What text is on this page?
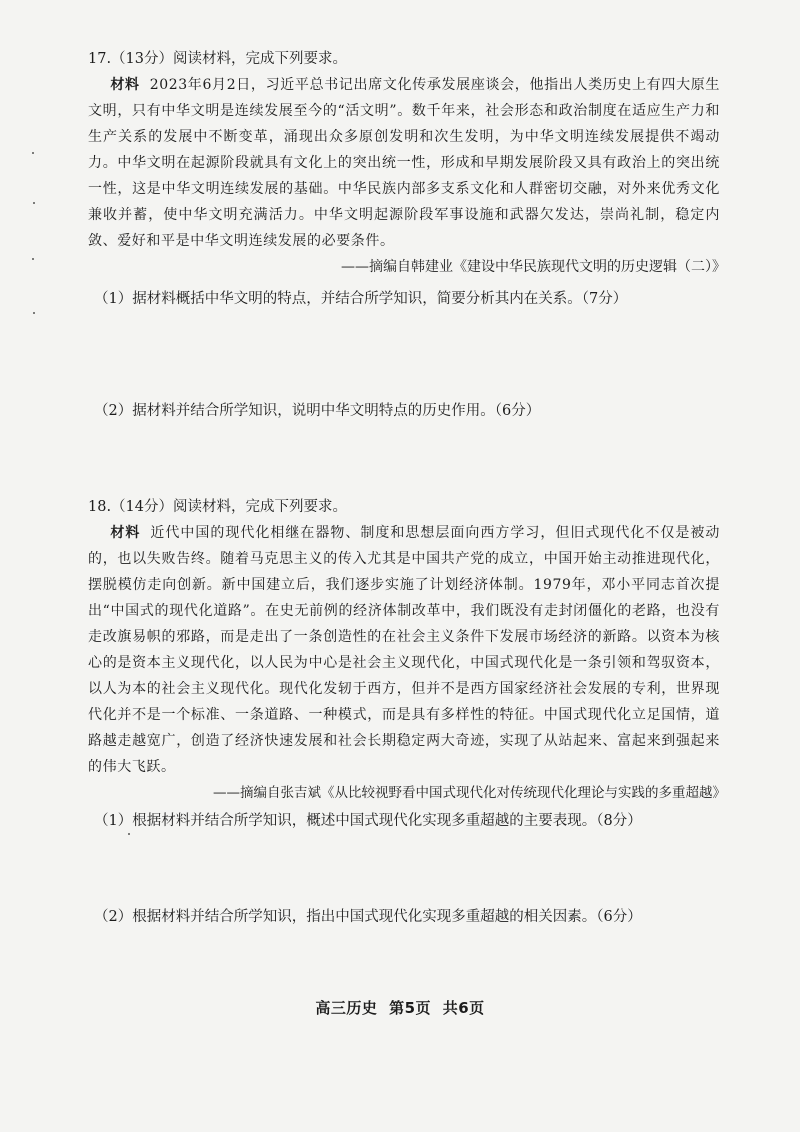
17.（13分）阅读材料，完成下列要求。

材料 2023年6月2日，习近平总书记出席文化传承发展座谈会，他指出人类历史上有四大原生文明，只有中华文明是连续发展至今的“活文明”。数千年来，社会形态和政治制度在适应生产力和生产关系的发展中不断变革，涌现出众多原创发明和次生发明，为中华文明连续发展提供不竭动力。中华文明在起源阶段就具有文化上的突出统一性，形成和早期发展阶段又具有政治上的突出统一性，这是中华文明连续发展的基础。中华民族内部多支系文化和人群密切交融，对外来优秀文化兼收并蓄，使中华文明充满活力。中华文明起源阶段军事设施和武器欠发达，崇尚礼制，稳定内敛、爱好和平是中华文明连续发展的必要条件。

——摘编自韩建业《建设中华民族现代文明的历史逻辑（二）》
（1）据材料概括中华文明的特点，并结合所学知识，简要分析其内在关系。（7分）
（2）据材料并结合所学知识，说明中华文明特点的历史作用。（6分）
18.（14分）阅读材料，完成下列要求。

材料 近代中国的现代化相继在器物、制度和思想层面向西方学习，但旧式现代化不仅是被动的，也以失败告终。随着马克思主义的传入尤其是中国共产党的成立，中国开始主动推进现代化，摆脱模仿走向创新。新中国建立后，我们逐步实施了计划经济体制。1979年，邓小平同志首次提出“中国式的现代化道路”。在史无前例的经济体制改革中，我们既没有走封闭僵化的老路，也没有走改旗易帜的邪路，而是走出了一条创造性的在社会主义条件下发展市场经济的新路。以资本为核心的是资本主义现代化，以人民为中心是社会主义现代化，中国式现代化是一条引领和驾驭资本，以人为本的社会主义现代化。现代化发轫于西方，但并不是西方国家经济社会发展的专利，世界现代化并不是一个标准、一条道路、一种模式，而是具有多样性的特征。中国式现代化立足国情，道路越走越宽广，创造了经济快速发展和社会长期稳定两大奇迹，实现了从站起来、富起来到强起来的伟大飞跃。

——摘编自张吉斌《从比较视野看中国式现代化对传统现代化理论与实践的多重超越》
（1）根据材料并结合所学知识，概述中国式现代化实现多重超越的主要表现。（8分）
（2）根据材料并结合所学知识，指出中国式现代化实现多重超越的相关因素。（6分）
高三历史 第5页 共6页
